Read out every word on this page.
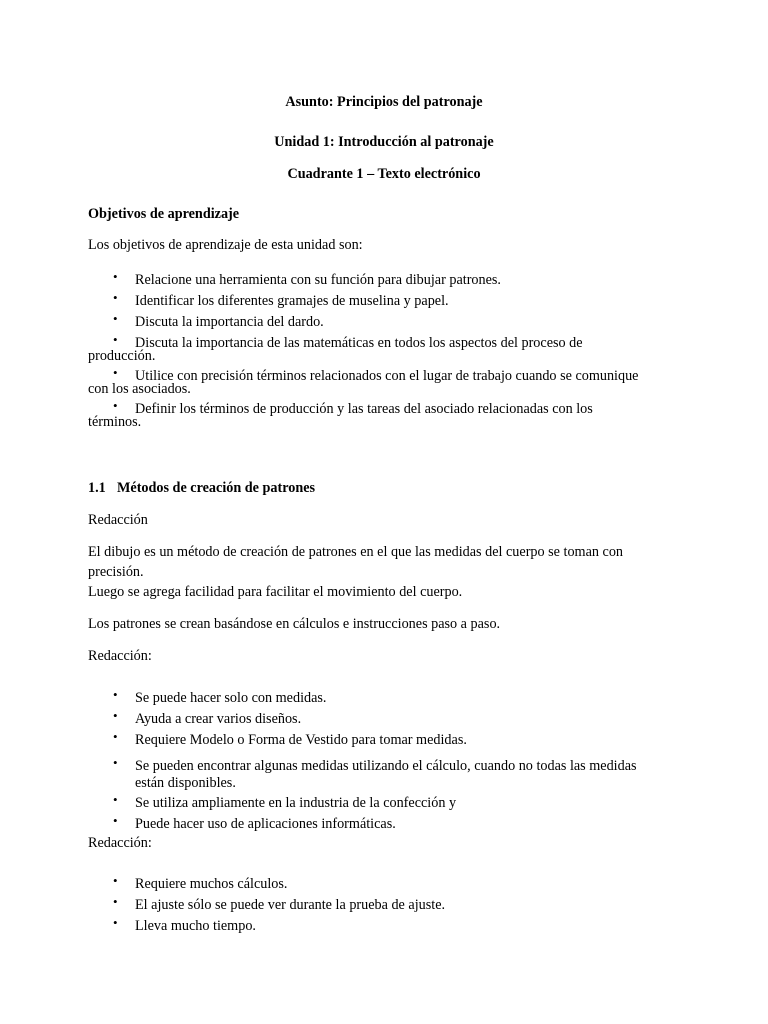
Asunto: Principios del patronaje
Unidad 1: Introducción al patronaje
Cuadrante 1 – Texto electrónico
Objetivos de aprendizaje
Los objetivos de aprendizaje de esta unidad son:
• Relacione una herramienta con su función para dibujar patrones.
• Identificar los diferentes gramajes de muselina y papel.
• Discuta la importancia del dardo.
• Discuta la importancia de las matemáticas en todos los aspectos del proceso de
producción.
• Utilice con precisión términos relacionados con el lugar de trabajo cuando se comunique
con los asociados.
• Definir los términos de producción y las tareas del asociado relacionadas con los
términos.
1.1 Métodos de creación de patrones
Redacción
El dibujo es un método de creación de patrones en el que las medidas del cuerpo se toman con
precisión.
Luego se agrega facilidad para facilitar el movimiento del cuerpo.
Los patrones se crean basándose en cálculos e instrucciones paso a paso.
Redacción:
• Se puede hacer solo con medidas.
• Ayuda a crear varios diseños.
• Requiere Modelo o Forma de Vestido para tomar medidas.
• Se pueden encontrar algunas medidas utilizando el cálculo, cuando no todas las medidas
están disponibles.
• Se utiliza ampliamente en la industria de la confección y
• Puede hacer uso de aplicaciones informáticas.
Redacción:
• Requiere muchos cálculos.
• El ajuste sólo se puede ver durante la prueba de ajuste.
• Lleva mucho tiempo.
